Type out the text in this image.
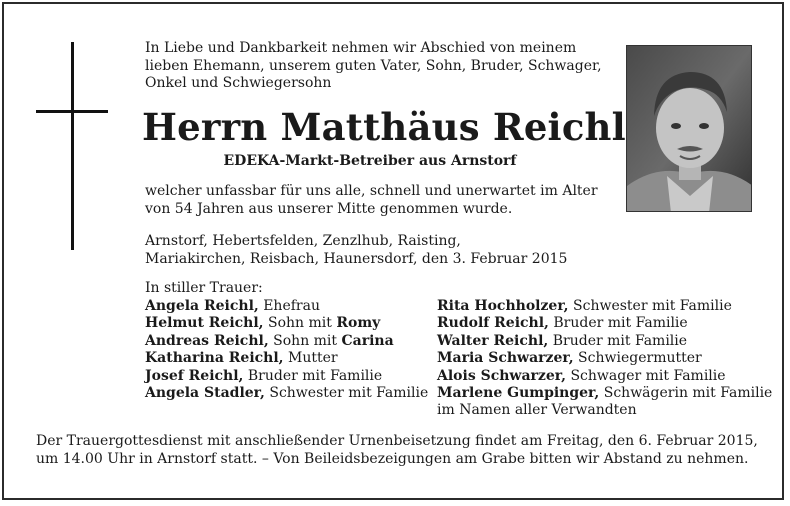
In Liebe und Dankbarkeit nehmen wir Abschied von meinem
lieben Ehemann, unserem guten Vater, Sohn, Bruder, Schwager,
Onkel und Schwiegersohn
Herrn Matthäus Reichl
EDEKA-Markt-Betreiber aus Arnstorf
welcher unfassbar für uns alle, schnell und unerwartet im Alter
von 54 Jahren aus unserer Mitte genommen wurde.
Arnstorf, Hebertsfelden, Zenzlhub, Raisting,
Mariakirchen, Reisbach, Haunersdorf, den 3. Februar 2015
In stiller Trauer:
Angela Reichl, Ehefrau
Helmut Reichl, Sohn mit Romy
Andreas Reichl, Sohn mit Carina
Katharina Reichl, Mutter
Josef Reichl, Bruder mit Familie
Angela Stadler, Schwester mit Familie
Rita Hochholzer, Schwester mit Familie
Rudolf Reichl, Bruder mit Familie
Walter Reichl, Bruder mit Familie
Maria Schwarzer, Schwiegermutter
Alois Schwarzer, Schwager mit Familie
Marlene Gumpinger, Schwägerin mit Familie
im Namen aller Verwandten
Der Trauergottesdienst mit anschließender Urnenbeisetzung findet am Freitag, den 6. Februar 2015,
um 14.00 Uhr in Arnstorf statt. – Von Beileidsbezeigungen am Grabe bitten wir Abstand zu nehmen.
